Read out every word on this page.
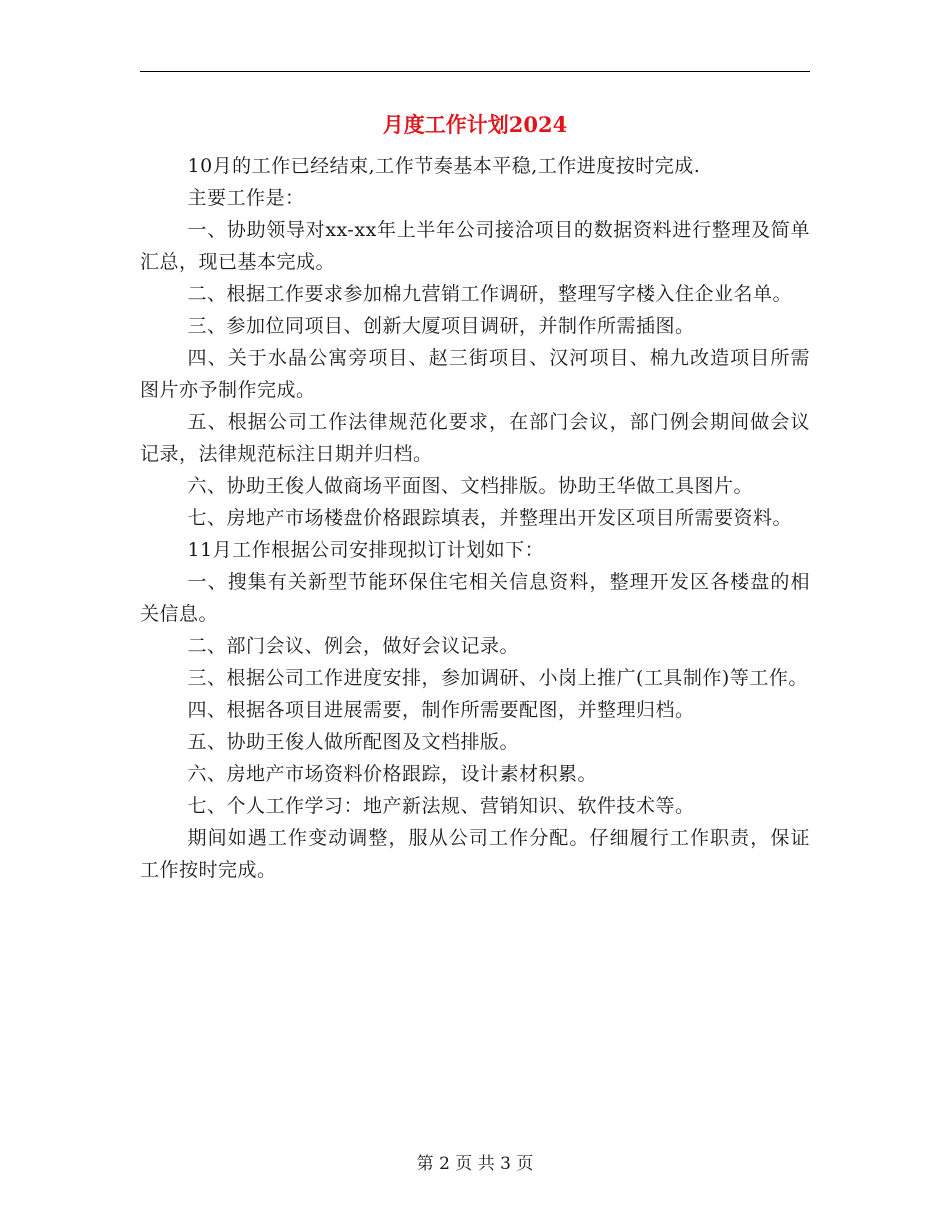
月度工作计划2024

10月的工作已经结束,工作节奏基本平稳,工作进度按时完成.

主要工作是：

一、协助领导对xx-xx年上半年公司接洽项目的数据资料进行整理及简单汇总，现已基本完成。

二、根据工作要求参加棉九营销工作调研，整理写字楼入住企业名单。

三、参加位同项目、创新大厦项目调研，并制作所需插图。

四、关于水晶公寓旁项目、赵三街项目、汉河项目、棉九改造项目所需图片亦予制作完成。

五、根据公司工作法律规范化要求，在部门会议，部门例会期间做会议记录，法律规范标注日期并归档。

六、协助王俊人做商场平面图、文档排版。协助王华做工具图片。

七、房地产市场楼盘价格跟踪填表，并整理出开发区项目所需要资料。

11月工作根据公司安排现拟订计划如下：

一、搜集有关新型节能环保住宅相关信息资料，整理开发区各楼盘的相关信息。

二、部门会议、例会，做好会议记录。

三、根据公司工作进度安排，参加调研、小岗上推广(工具制作)等工作。

四、根据各项目进展需要，制作所需要配图，并整理归档。

五、协助王俊人做所配图及文档排版。

六、房地产市场资料价格跟踪，设计素材积累。

七、个人工作学习：地产新法规、营销知识、软件技术等。

期间如遇工作变动调整，服从公司工作分配。仔细履行工作职责，保证工作按时完成。

第 2 页 共 3 页
